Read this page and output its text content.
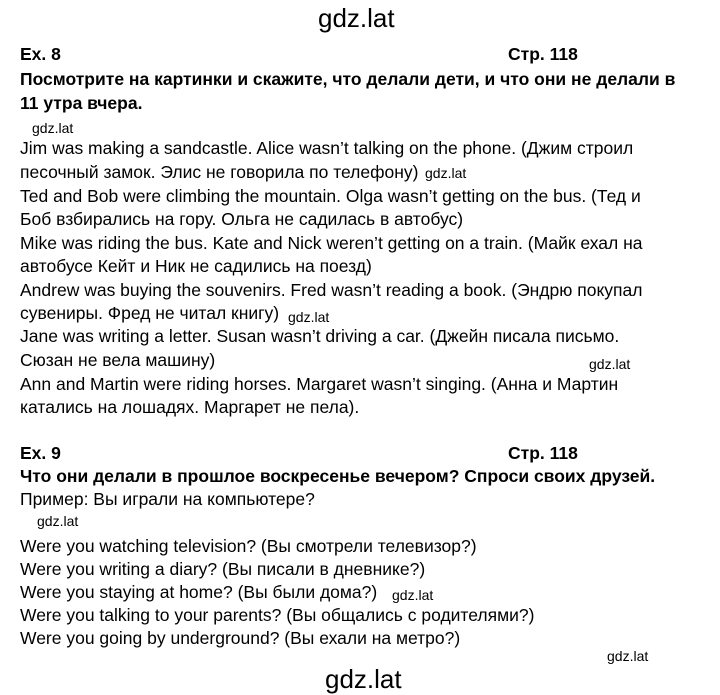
gdz.lat
Ex. 8	Стр. 118
Посмотрите на картинки и скажите, что делали дети, и что они не делали в
11 утра вчера.
gdz.lat
Jim was making a sandcastle. Alice wasn’t talking on the phone. (Джим строил
песочный замок. Элис не говорила по телефону) gdz.lat
Ted and Bob were climbing the mountain. Olga wasn’t getting on the bus. (Тед и
Боб взбирались на гору. Ольга не садилась в автобус)
Mike was riding the bus. Kate and Nick weren’t getting on a train. (Майк ехал на
автобусе Кейт и Ник не садились на поезд)
Andrew was buying the souvenirs. Fred wasn’t reading a book. (Эндрю покупал
сувениры. Фред не читал книгу) gdz.lat
Jane was writing a letter. Susan wasn’t driving a car. (Джейн писала письмо.
Сюзан не вела машину)	gdz.lat
Ann and Martin were riding horses. Margaret wasn’t singing. (Анна и Мартин
катались на лошадях. Маргарет не пела).
Ex. 9	Стр. 118
Что они делали в прошлое воскресенье вечером? Спроси своих друзей.
Пример: Вы играли на компьютере?
gdz.lat
Were you watching television? (Вы смотрели телевизор?)
Were you writing a diary? (Вы писали в дневнике?)
Were you staying at home? (Вы были дома?) gdz.lat
Were you talking to your parents? (Вы общались с родителями?)
Were you going by underground? (Вы ехали на метро?)
gdz.lat
gdz.lat
